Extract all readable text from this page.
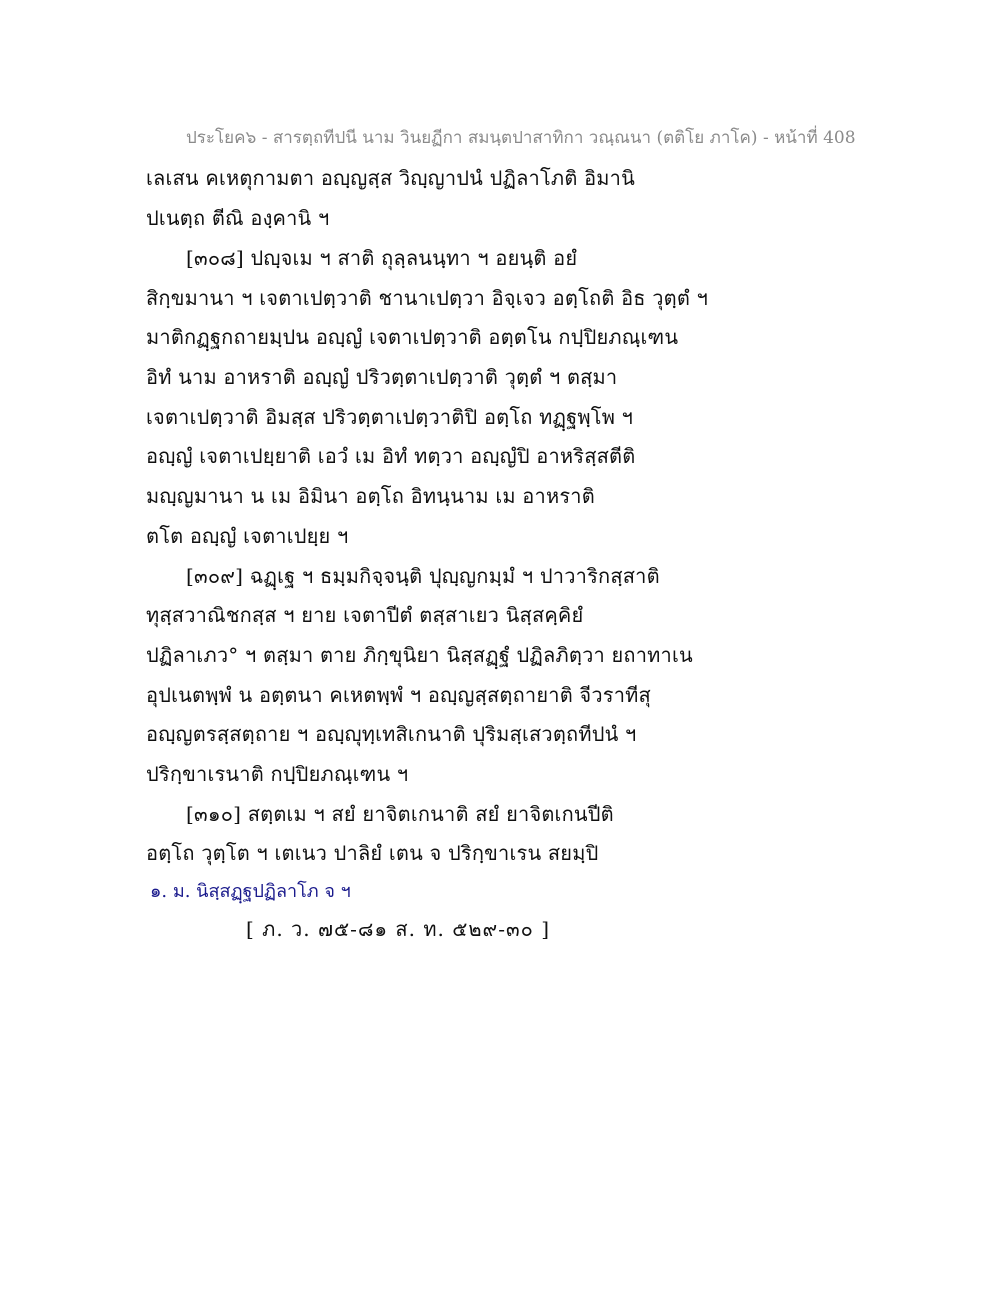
ประโยค๖ - สารตฺถทีปนี นาม วินยฏีกา สมนฺตปาสาทิกา วณฺณนา (ตติโย ภาโค) - หน้าที่ 408
เลเสน คเหตุกามตา อญฺญสฺส วิญฺญาปนํ ปฏิลาโภติ อิมานิ
ปเนตฺถ ตีณิ องฺคานิ ฯ
[๓๐๘] ปญฺจเม ฯ สาติ ถุลฺลนนฺทา ฯ อยนฺติ อยํ
สิกฺขมานา ฯ เจตาเปตฺวาติ ชานาเปตฺวา อิจฺเจว อตฺโถติ อิธ วุตฺตํ ฯ
มาติกฏฺฐกถายมฺปน อญฺญํ เจตาเปตฺวาติ อตฺตโน กปฺปิยภณฺเฑน
อิทํ นาม อาหราติ อญฺญํ ปริวตฺตาเปตฺวาติ วุตฺตํ ฯ ตสฺมา
เจตาเปตฺวาติ อิมสฺส ปริวตฺตาเปตฺวาติปิ อตฺโถ ทฏฺฐพฺโพ ฯ
อญฺญํ เจตาเปยฺยาติ เอวํ เม อิทํ ทตฺวา อญฺญํปิ อาหริสฺสตีติ
มญฺญมานา น เม อิมินา อตฺโถ อิทนฺนาม เม อาหราติ
ตโต อญฺญํ เจตาเปยฺย ฯ
[๓๐๙] ฉฏฺเฐ ฯ ธมฺมกิจฺจนฺติ ปุญฺญกมฺมํ ฯ ปาวาริกสฺสาติ
ทุสฺสวาณิชกสฺส ฯ ยาย เจตาปีตํ ตสฺสาเยว นิสฺสคฺคิยํ
ปฏิลาเภว° ฯ ตสฺมา ตาย ภิกฺขุนิยา นิสฺสฏฺฐํ ปฏิลภิตฺวา ยถาทาเน
อุปเนตพฺพํ น อตฺตนา คเหตพฺพํ ฯ อญฺญสฺสตฺถายาติ จีวราทีสุ
อญฺญตรสฺสตฺถาย ฯ อญฺญุทฺเทสิเกนาติ ปุริมสฺเสวตฺถทีปนํ ฯ
ปริกฺขาเรนาติ กปฺปิยภณฺเฑน ฯ
[๓๑๐] สตฺตเม ฯ สยํ ยาจิตเกนาติ สยํ ยาจิตเกนปีติ
อตฺโถ วุตฺโต ฯ เตเนว ปาลิยํ เตน จ ปริกฺขาเรน สยมฺปิ
๑. ม. นิสฺสฏฺฐปฏิลาโภ จ ฯ
[ ภ. ว. ๗๕-๘๑ ส. ท. ๕๒๙-๓๐ ]
